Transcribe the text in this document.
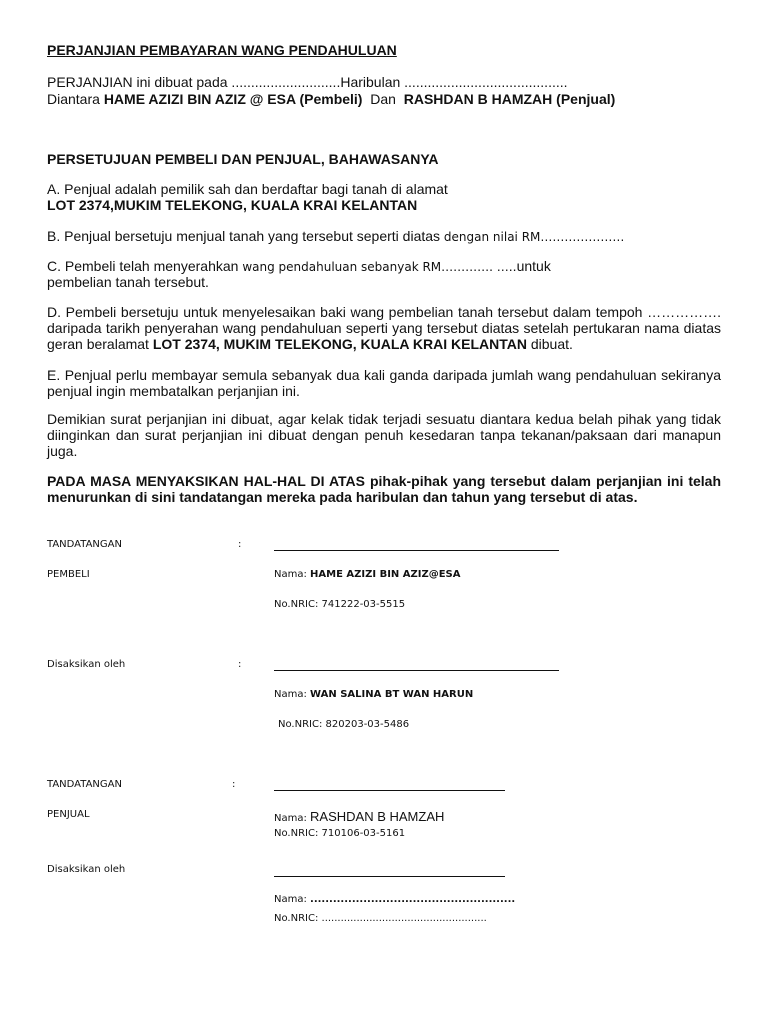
PERJANJIAN PEMBAYARAN WANG PENDAHULUAN
PERJANJIAN ini dibuat pada ............................Haribulan ..........................................
Diantara HAME AZIZI BIN AZIZ @ ESA (Pembeli)  Dan  RASHDAN B HAMZAH (Penjual)
PERSETUJUAN PEMBELI DAN PENJUAL, BAHAWASANYA
A. Penjual adalah pemilik sah dan berdaftar bagi tanah di alamat
LOT 2374,MUKIM TELEKONG, KUALA KRAI KELANTAN
B. Penjual bersetuju menjual tanah yang tersebut seperti diatas dengan nilai RM…………………
C. Pembeli telah menyerahkan wang pendahuluan sebanyak RM…………. …..untuk
pembelian tanah tersebut.
D. Pembeli bersetuju untuk menyelesaikan baki wang pembelian tanah tersebut dalam tempoh ……………. daripada tarikh penyerahan wang pendahuluan seperti yang tersebut diatas setelah pertukaran nama diatas geran beralamat LOT 2374, MUKIM TELEKONG, KUALA KRAI KELANTAN dibuat.
E. Penjual perlu membayar semula sebanyak dua kali ganda daripada jumlah wang pendahuluan sekiranya penjual ingin membatalkan perjanjian ini.
Demikian surat perjanjian ini dibuat, agar kelak tidak terjadi sesuatu diantara kedua belah pihak yang tidak diinginkan dan surat perjanjian ini dibuat dengan penuh kesedaran tanpa tekanan/paksaan dari manapun juga.
PADA MASA MENYAKSIKAN HAL-HAL DI ATAS pihak-pihak yang tersebut dalam perjanjian ini telah menurunkan di sini tandatangan mereka pada haribulan dan tahun yang tersebut di atas.
TANDATANGAN	:
PEMBELI	Nama: HAME AZIZI BIN AZIZ@ESA
No.NRIC: 741222-03-5515
Disaksikan oleh	:
Nama: WAN SALINA BT WAN HARUN
No.NRIC: 820203-03-5486
TANDATANGAN	:
PENJUAL	Nama: RASHDAN B HAMZAH
No.NRIC: 710106-03-5161
Disaksikan oleh
Nama: ......................................................
No.NRIC: ....................................................
